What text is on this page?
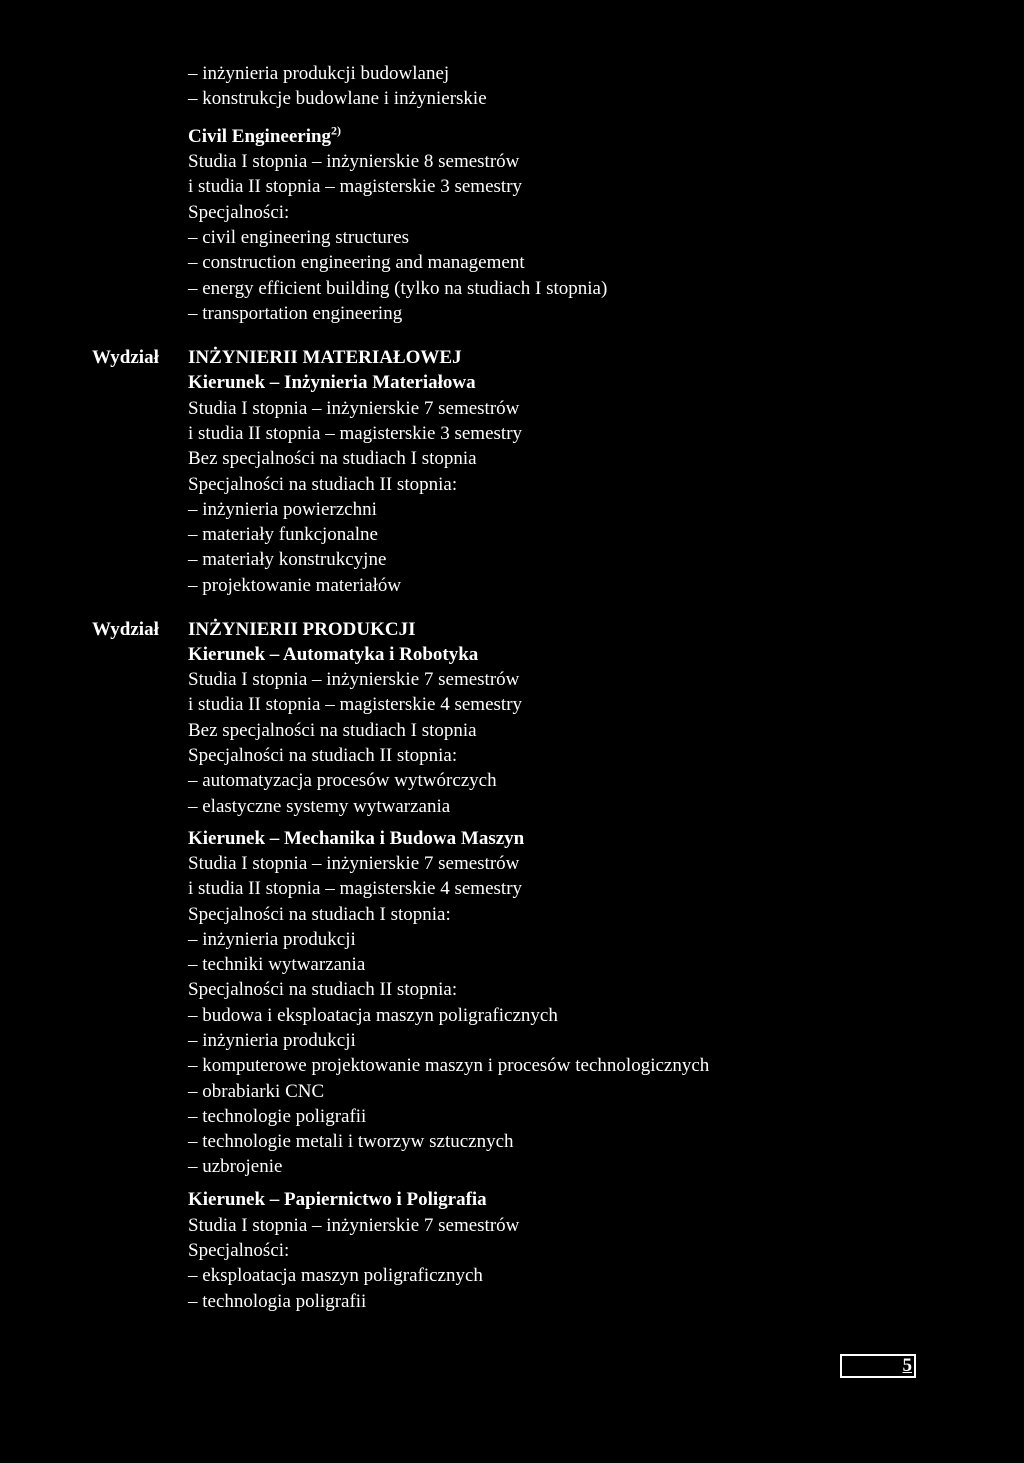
– inżynieria produkcji budowlanej
– konstrukcje budowlane i inżynierskie
Civil Engineering$^{2)}$
Studia I stopnia – inżynierskie 8 semestrów
i studia II stopnia – magisterskie 3 semestry
Specjalności:
– civil engineering structures
– construction engineering and management
– energy efficient building (tylko na studiach I stopnia)
– transportation engineering
Wydział INŻYNIERII MATERIAŁOWEJ
Kierunek – Inżynieria Materiałowa
Studia I stopnia – inżynierskie 7 semestrów
i studia II stopnia – magisterskie 3 semestry
Bez specjalności na studiach I stopnia
Specjalności na studiach II stopnia:
– inżynieria powierzchni
– materiały funkcjonalne
– materiały konstrukcyjne
– projektowanie materiałów
Wydział INŻYNIERII PRODUKCJI
Kierunek – Automatyka i Robotyka
Studia I stopnia – inżynierskie 7 semestrów
i studia II stopnia – magisterskie 4 semestry
Bez specjalności na studiach I stopnia
Specjalności na studiach II stopnia:
– automatyzacja procesów wytwórczych
– elastyczne systemy wytwarzania
Kierunek – Mechanika i Budowa Maszyn
Studia I stopnia – inżynierskie 7 semestrów
i studia II stopnia – magisterskie 4 semestry
Specjalności na studiach I stopnia:
– inżynieria produkcji
– techniki wytwarzania
Specjalności na studiach II stopnia:
– budowa i eksploatacja maszyn poligraficznych
– inżynieria produkcji
– komputerowe projektowanie maszyn i procesów technologicznych
– obrabiarki CNC
– technologie poligrafii
– technologie metali i tworzyw sztucznych
– uzbrojenie
Kierunek – Papiernictwo i Poligrafia
Studia I stopnia – inżynierskie 7 semestrów
Specjalności:
– eksploatacja maszyn poligraficznych
– technologia poligrafii
5
